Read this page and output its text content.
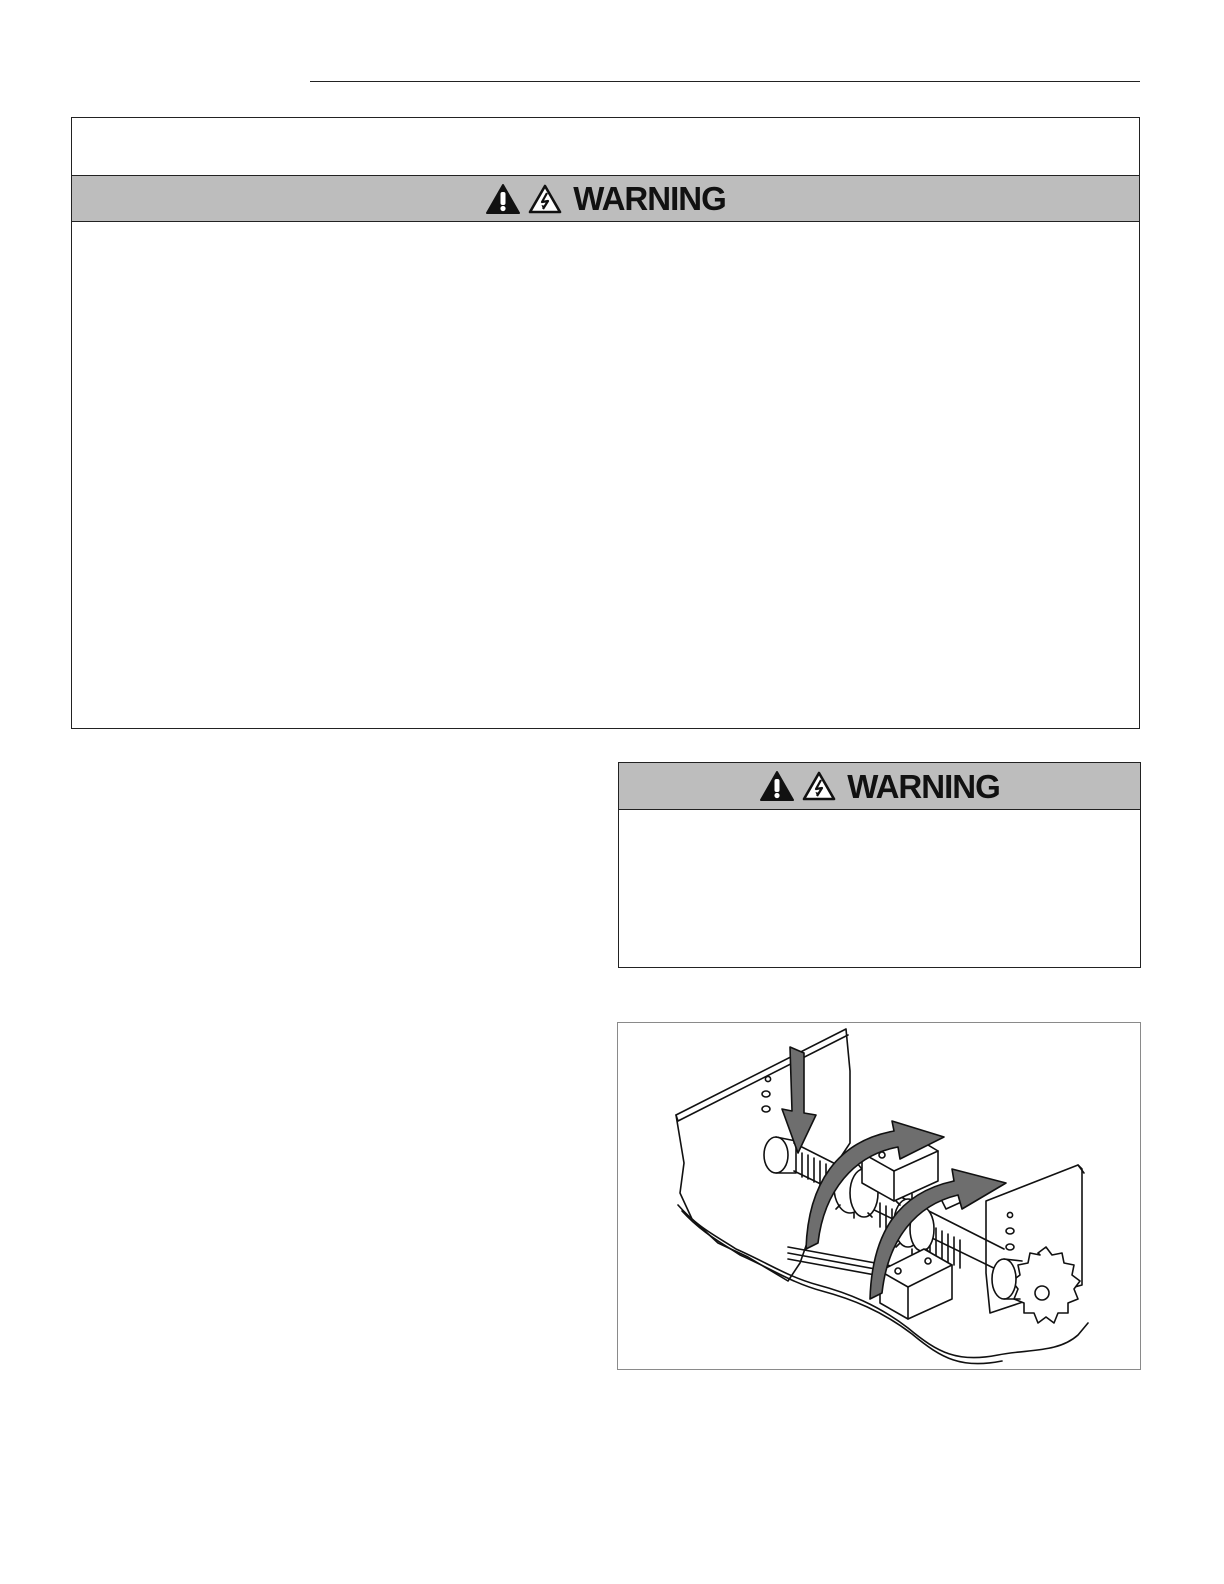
WARNING
WARNING
